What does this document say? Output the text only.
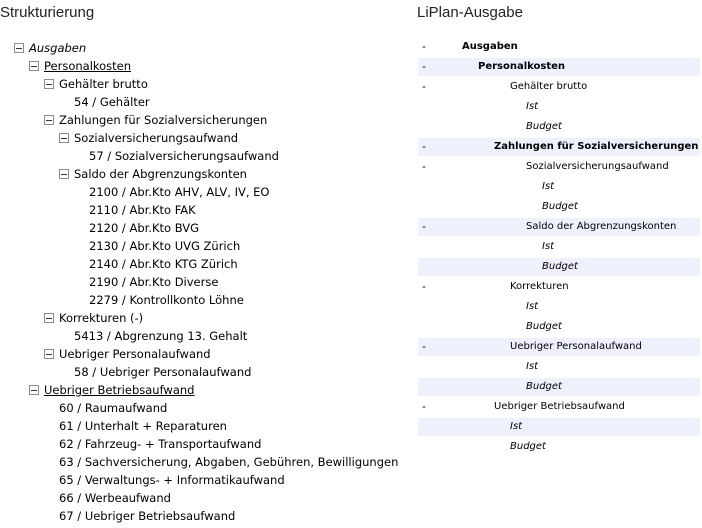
Strukturierung	LiPlan-Ausgabe
Ausgaben
Personalkosten
Gehälter brutto
54 / Gehälter
Zahlungen für Sozialversicherungen
Sozialversicherungsaufwand
57 / Sozialversicherungsaufwand
Saldo der Abgrenzungskonten
2100 / Abr.Kto AHV, ALV, IV, EO
2110 / Abr.Kto FAK
2120 / Abr.Kto BVG
2130 / Abr.Kto UVG Zürich
2140 / Abr.Kto KTG Zürich
2190 / Abr.Kto Diverse
2279 / Kontrollkonto Löhne
Korrekturen (-)
5413 / Abgrenzung 13. Gehalt
Uebriger Personalaufwand
58 / Uebriger Personalaufwand
Uebriger Betriebsaufwand
60 / Raumaufwand
61 / Unterhalt + Reparaturen
62 / Fahrzeug- + Transportaufwand
63 / Sachversicherung, Abgaben, Gebühren, Bewilligungen
65 / Verwaltungs- + Informatikaufwand
66 / Werbeaufwand
67 / Uebriger Betriebsaufwand
-	Ausgaben
-	Personalkosten
-	Gehälter brutto
Ist
Budget
-	Zahlungen für Sozialversicherungen
-	Sozialversicherungsaufwand
Ist
Budget
-	Saldo der Abgrenzungskonten
Ist
Budget
-	Korrekturen
Ist
Budget
-	Uebriger Personalaufwand
Ist
Budget
-	Uebriger Betriebsaufwand
Ist
Budget
